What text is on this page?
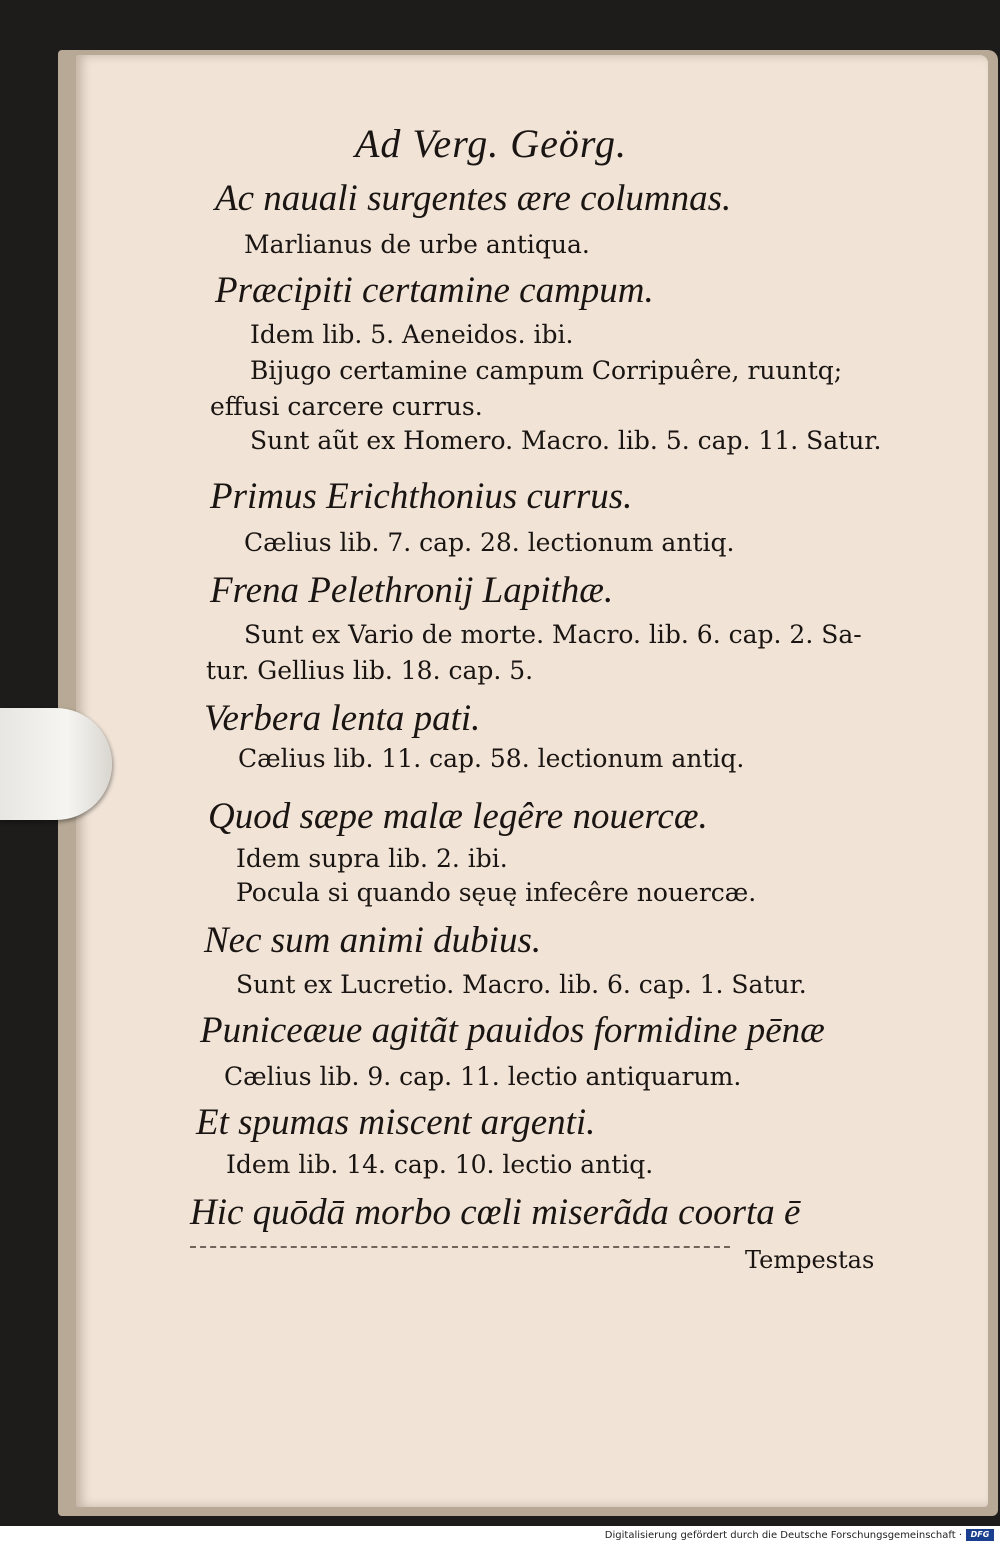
Ad Verg. Geörg.
Ac nauali surgentes ære columnas.
Marlianus de urbe antiqua.
Præcipiti certamine campum.
Idem lib. 5. Aeneidos. ibi.
Bijugo certamine campum Corripuêre, ruuntq;
effusi carcere currus.
Sunt aũt ex Homero. Macro. lib. 5. cap. 11. Satur.
Primus Erichthonius currus.
Cælius lib. 7. cap. 28. lectionum antiq.
Frena Pelethronij Lapithæ.
Sunt ex Vario de morte. Macro. lib. 6. cap. 2. Sa-
tur. Gellius lib. 18. cap. 5.
Verbera lenta pati.
Cælius lib. 11. cap. 58. lectionum antiq.
Quod sæpe malæ legêre nouercæ.
Idem supra lib. 2. ibi.
Pocula si quando sęuę infecêre nouercæ.
Nec sum animi dubius.
Sunt ex Lucretio. Macro. lib. 6. cap. 1. Satur.
Puniceæue agitãt pauidos formidine pēnæ
Cælius lib. 9. cap. 11. lectio antiquarum.
Et spumas miscent argenti.
Idem lib. 14. cap. 10. lectio antiq.
Hic quōdā morbo cœli miserãda coorta ē
Tempestas
Digitalisierung gefördert durch die Deutsche Forschungsgemeinschaft ·	DFG
